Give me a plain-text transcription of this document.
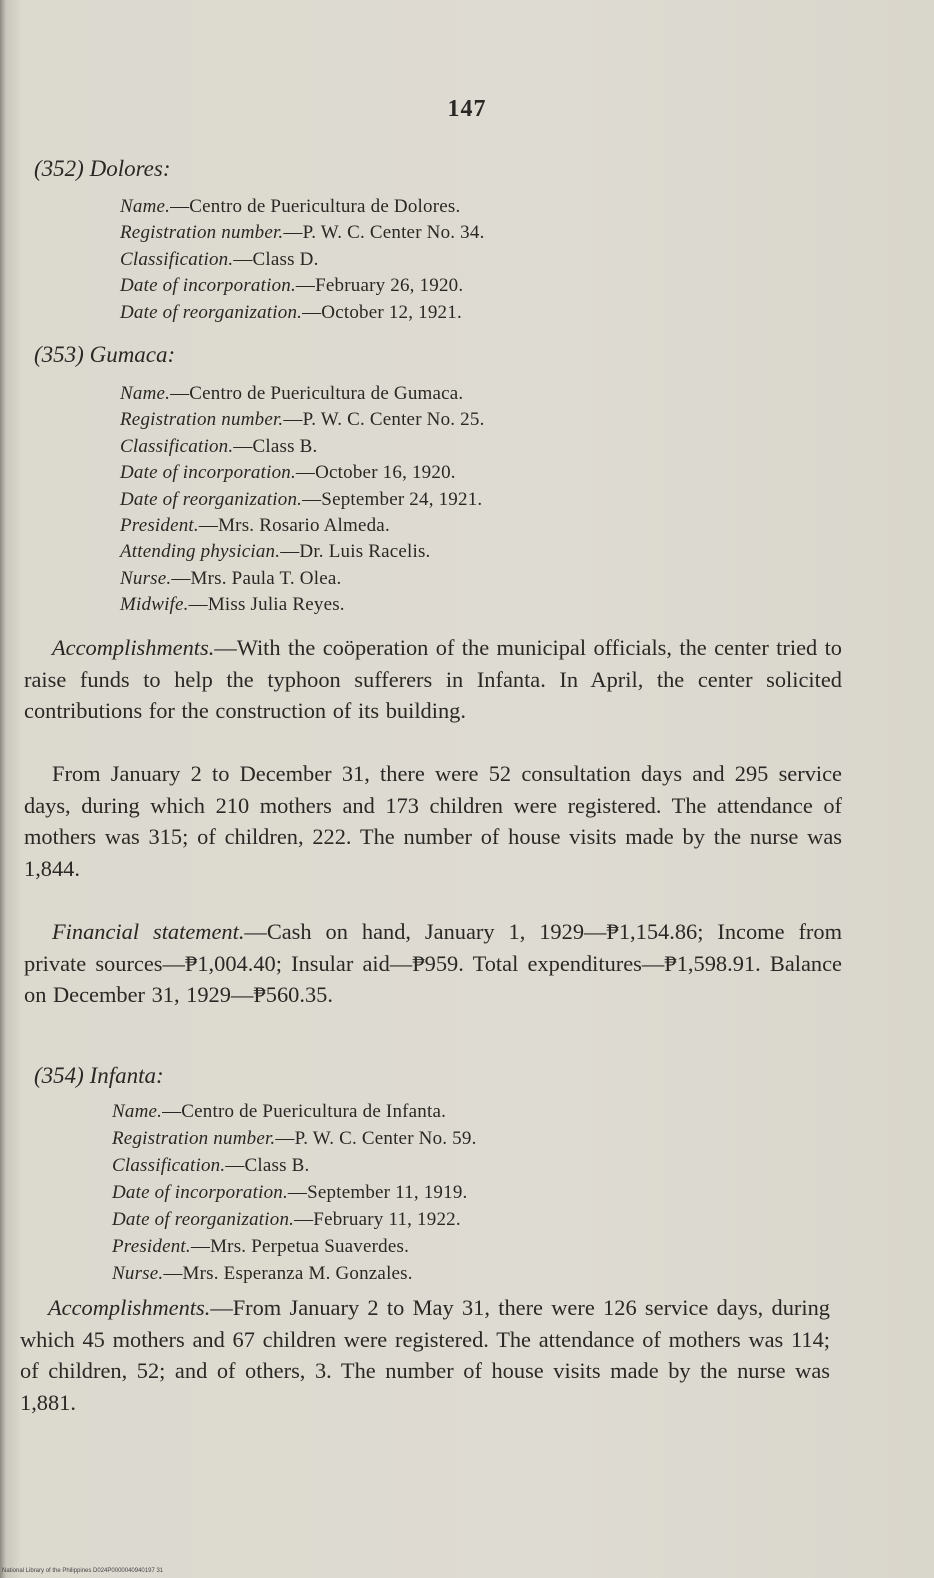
147
(352) Dolores:
Name.—Centro de Puericultura de Dolores.
Registration number.—P. W. C. Center No. 34.
Classification.—Class D.
Date of incorporation.—February 26, 1920.
Date of reorganization.—October 12, 1921.
(353) Gumaca:
Name.—Centro de Puericultura de Gumaca.
Registration number.—P. W. C. Center No. 25.
Classification.—Class B.
Date of incorporation.—October 16, 1920.
Date of reorganization.—September 24, 1921.
President.—Mrs. Rosario Almeda.
Attending physician.—Dr. Luis Racelis.
Nurse.—Mrs. Paula T. Olea.
Midwife.—Miss Julia Reyes.

Accomplishments.—With the coöperation of the municipal officials, the center tried to raise funds to help the typhoon sufferers in Infanta. In April, the center solicited contributions for the construction of its building.

From January 2 to December 31, there were 52 consultation days and 295 service days, during which 210 mothers and 173 children were registered. The attendance of mothers was 315; of children, 222. The number of house visits made by the nurse was 1,844.

Financial statement.—Cash on hand, January 1, 1929—₱1,154.86; Income from private sources—₱1,004.40; Insular aid—₱959. Total expenditures—₱1,598.91. Balance on December 31, 1929—₱560.35.

(354) Infanta:
Name.—Centro de Puericultura de Infanta.
Registration number.—P. W. C. Center No. 59.
Classification.—Class B.
Date of incorporation.—September 11, 1919.
Date of reorganization.—February 11, 1922.
President.—Mrs. Perpetua Suaverdes.
Nurse.—Mrs. Esperanza M. Gonzales.

Accomplishments.—From January 2 to May 31, there were 126 service days, during which 45 mothers and 67 children were registered. The attendance of mothers was 114; of children, 52; and of others, 3. The number of house visits made by the nurse was 1,881.

National Library of the Philippines D024P0000040940197 31
